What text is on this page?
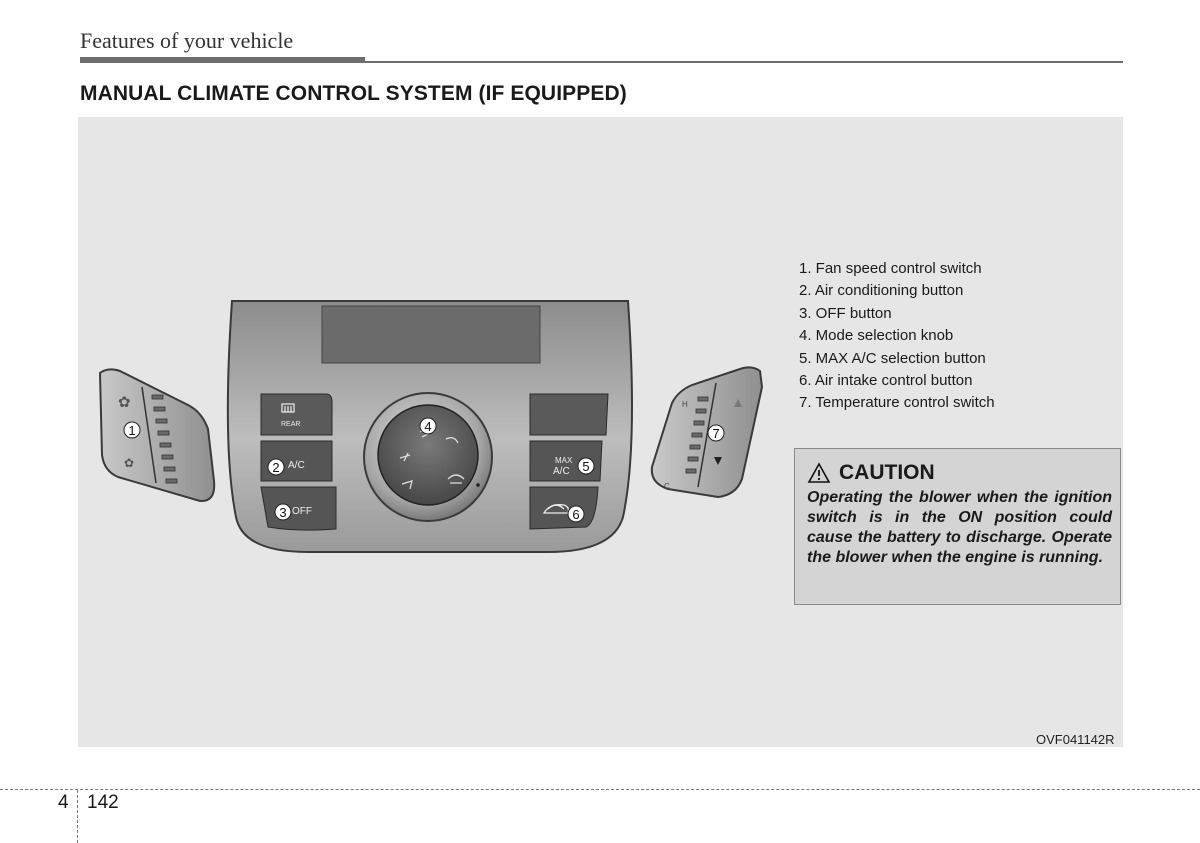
Features of your vehicle
MANUAL CLIMATE CONTROL SYSTEM (IF EQUIPPED)
REAR
A/C
OFF
MAX
A/C
✿
✿
H
C
1
2
3
4
5
6
7
1. Fan speed control switch
2. Air conditioning button
3. OFF button
4. Mode selection knob
5. MAX A/C selection button
6. Air intake control button
7. Temperature control switch
CAUTION
Operating the blower when the ignition switch is in the ON position could cause the battery to discharge. Operate the blower when the engine is running.
OVF041142R
4 142
